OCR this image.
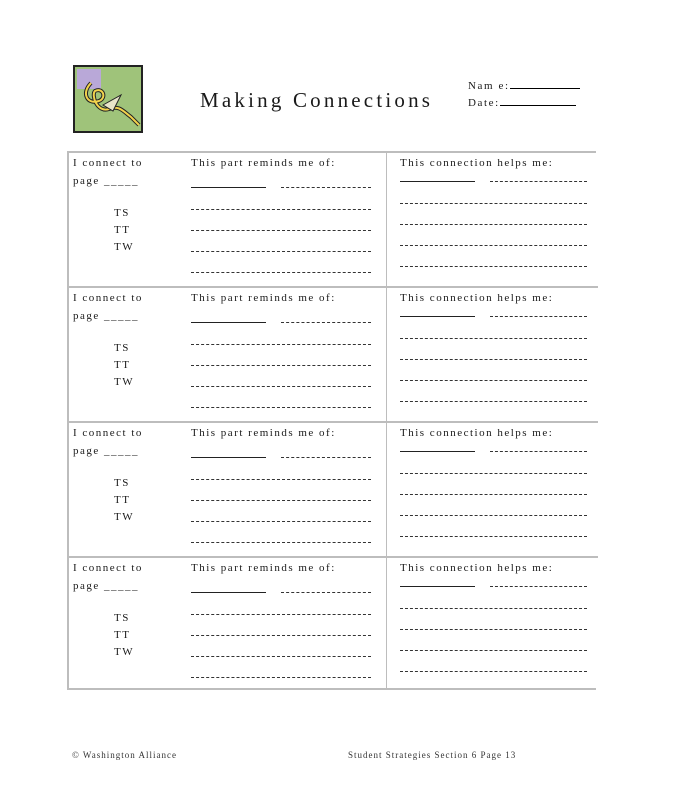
Making Connections
Nam e:
Date:
I connect to
page _____
TS
TT
TW
This part reminds me of:	This connection helps me:
I connect to
page _____
TS
TT
TW
This part reminds me of:	This connection helps me:
I connect to
page _____
TS
TT
TW
This part reminds me of:	This connection helps me:
I connect to
page _____
TS
TT
TW
This part reminds me of:	This connection helps me:
© Washington Alliance	Student Strategies Section 6 Page 13
